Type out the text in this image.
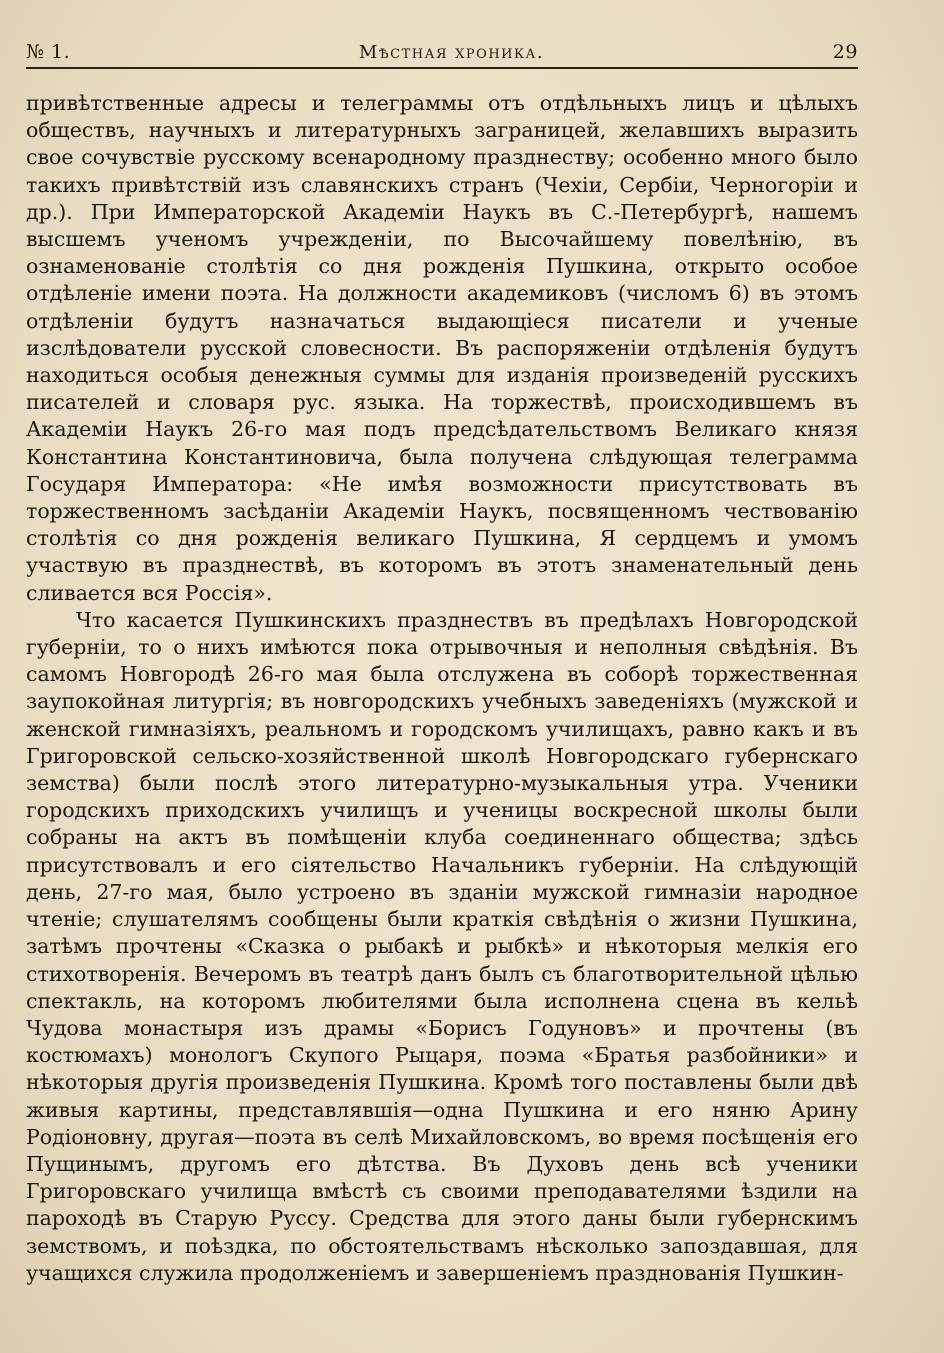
№ 1.	Мѣстная хроника.	29

привѣтственные адресы и телеграммы отъ отдѣльныхъ лицъ и цѣлыхъ обществъ, научныхъ и литературныхъ заграницей, желавшихъ выразить свое сочувствіе русскому всенародному празднеству; особенно много было такихъ привѣтствій изъ славянскихъ странъ (Чехіи, Сербіи, Черногоріи и др.). При Императорской Академіи Наукъ въ С.-Петербургѣ, нашемъ высшемъ ученомъ учрежденіи, по Высочайшему повелѣнію, въ ознаменованіе столѣтія со дня рожденія Пушкина, открыто особое отдѣленіе имени поэта. На должности академиковъ (числомъ 6) въ этомъ отдѣленіи будутъ назначаться выдающіеся писатели и ученые изслѣдователи русской словесности. Въ распоряженіи отдѣленія будутъ находиться особыя денежныя суммы для изданія произведеній русскихъ писателей и словаря рус. языка. На торжествѣ, происходившемъ въ Академіи Наукъ 26-го мая подъ предсѣдательствомъ Великаго князя Константина Константиновича, была получена слѣдующая телеграмма Государя Императора: «Не имѣя возможности присутствовать въ торжественномъ засѣданіи Академіи Наукъ, посвященномъ чествованію столѣтія со дня рожденія великаго Пушкина, Я сердцемъ и умомъ участвую въ празднествѣ, въ которомъ въ этотъ знаменательный день сливается вся Россія».

Что касается Пушкинскихъ празднествъ въ предѣлахъ Новгородской губерніи, то о нихъ имѣются пока отрывочныя и неполныя свѣдѣнія. Въ самомъ Новгородѣ 26-го мая была отслужена въ соборѣ торжественная заупокойная литургія; въ новгородскихъ учебныхъ заведеніяхъ (мужской и женской гимназіяхъ, реальномъ и городскомъ училищахъ, равно какъ и въ Григоровской сельско-хозяйственной школѣ Новгородскаго губернскаго земства) были послѣ этого литературно-музыкальныя утра. Ученики городскихъ приходскихъ училищъ и ученицы воскресной школы были собраны на актъ въ помѣщеніи клуба соединеннаго общества; здѣсь присутствовалъ и его сіятельство Начальникъ губерніи. На слѣдующій день, 27-го мая, было устроено въ зданіи мужской гимназіи народное чтеніе; слушателямъ сообщены были краткія свѣдѣнія о жизни Пушкина, затѣмъ прочтены «Сказка о рыбакѣ и рыбкѣ» и нѣкоторыя мелкія его стихотворенія. Вечеромъ въ театрѣ данъ былъ съ благотворительной цѣлью спектакль, на которомъ любителями была исполнена сцена въ кельѣ Чудова монастыря изъ драмы «Борисъ Годуновъ» и прочтены (въ костюмахъ) монологъ Скупого Рыцаря, поэма «Братья разбойники» и нѣкоторыя другія произведенія Пушкина. Кромѣ того поставлены были двѣ живыя картины, представлявшія—одна Пушкина и его няню Арину Родіоновну, другая—поэта въ селѣ Михайловскомъ, во время посѣщенія его Пущинымъ, другомъ его дѣтства. Въ Духовъ день всѣ ученики Григоровскаго училища вмѣстѣ съ своими преподавателями ѣздили на пароходѣ въ Старую Руссу. Средства для этого даны были губернскимъ земствомъ, и поѣздка, по обстоятельствамъ нѣсколько запоздавшая, для учащихся служила продолженіемъ и завершеніемъ празднованія Пушкин-
